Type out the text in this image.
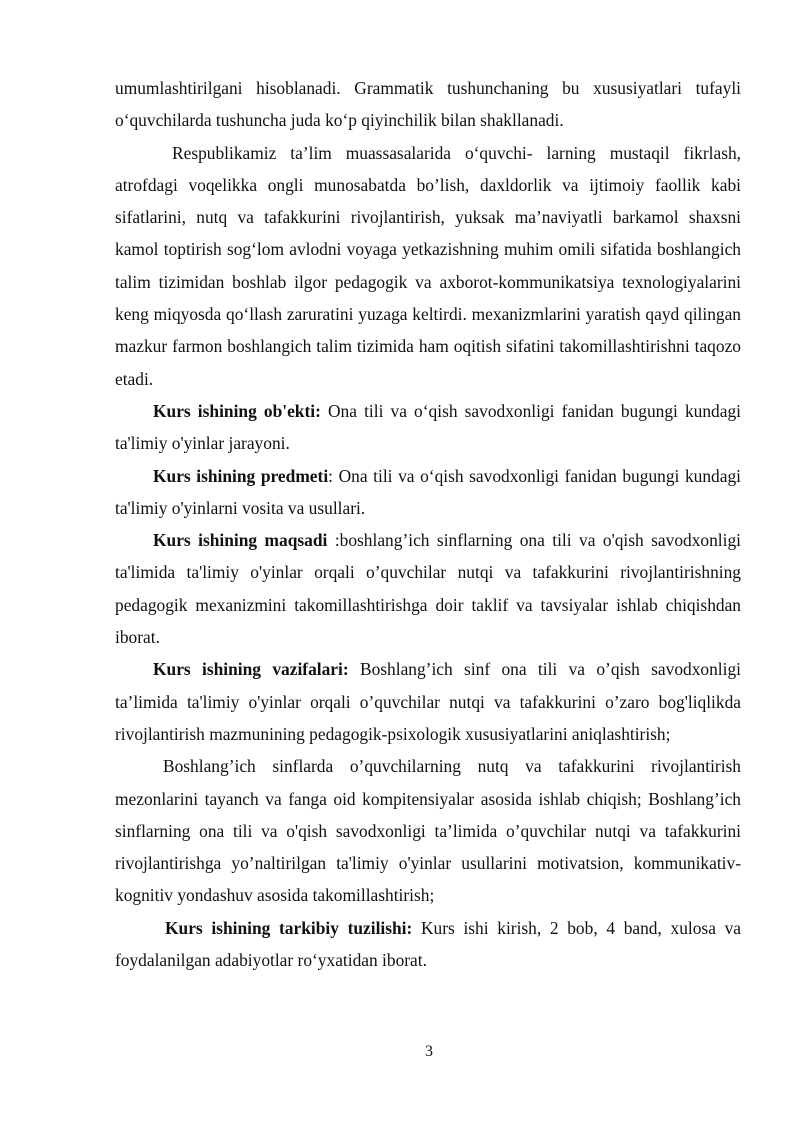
umumlashtirilgani hisoblanadi. Grammatik tushunchaning bu xususiyatlari tufayli o‘quvchilarda tushuncha juda ko‘p qiyinchilik bilan shakllanadi.

Respublikamiz ta’lim muassasalarida o‘quvchi- larning mustaqil fikrlash, atrofdagi voqelikka ongli munosabatda bo’lish, daxldorlik va ijtimoiy faollik kabi sifatlarini, nutq va tafakkurini rivojlantirish, yuksak ma’naviyatli barkamol shaxsni kamol toptirish sog‘lom avlodni voyaga yetkazishning muhim omili sifatida boshlangich talim tizimidan boshlab ilgor pedagogik va axborot-kommunikatsiya texnologiyalarini keng miqyosda qo‘llash zaruratini yuzaga keltirdi. mexanizmlarini yaratish qayd qilingan mazkur farmon boshlangich talim tizimida ham oqitish sifatini takomillashtirishni taqozo etadi.

Kurs ishining ob'ekti: Ona tili va o‘qish savodxonligi fanidan bugungi kundagi ta'limiy o'yinlar jarayoni.

Kurs ishining predmeti: Ona tili va o‘qish savodxonligi fanidan bugungi kundagi ta'limiy o'yinlarni vosita va usullari.

Kurs ishining maqsadi :boshlang’ich sinflarning ona tili va o'qish savodxonligi ta'limida ta'limiy o'yinlar orqali o’quvchilar nutqi va tafakkurini rivojlantirishning pedagogik mexanizmini takomillashtirishga doir taklif va tavsiyalar ishlab chiqishdan iborat.

Kurs ishining vazifalari: Boshlang’ich sinf ona tili va o’qish savodxonligi ta’limida ta'limiy o'yinlar orqali o’quvchilar nutqi va tafakkurini o’zaro bog'liqlikda rivojlantirish mazmunining pedagogik-psixologik xususiyatlarini aniqlashtirish;

Boshlang’ich sinflarda o’quvchilarning nutq va tafakkurini rivojlantirish mezonlarini tayanch va fanga oid kompitensiyalar asosida ishlab chiqish; Boshlang’ich sinflarning ona tili va o'qish savodxonligi ta’limida o’quvchilar nutqi va tafakkurini rivojlantirishga yo’naltirilgan ta'limiy o'yinlar usullarini motivatsion, kommunikativ-kognitiv yondashuv asosida takomillashtirish;

Kurs ishining tarkibiy tuzilishi: Kurs ishi kirish, 2 bob, 4 band, xulosa va foydalanilgan adabiyotlar ro‘yxatidan iborat.

3
